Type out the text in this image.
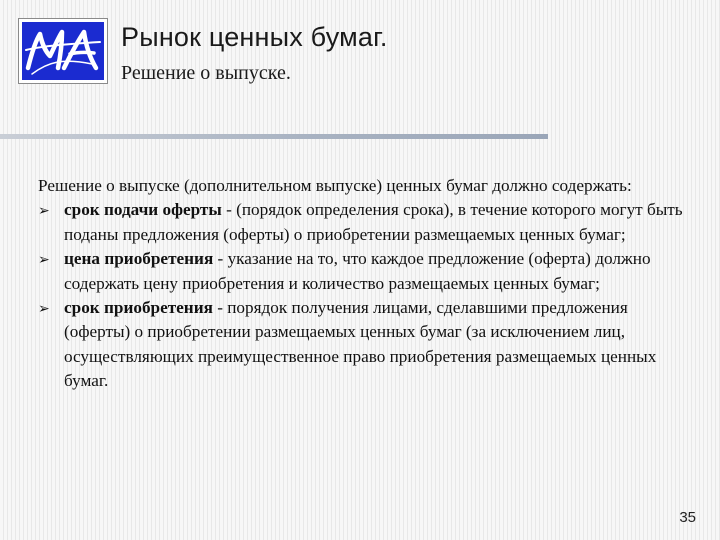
Рынок ценных бумаг.
Решение о выпуске.

Решение о выпуске (дополнительном выпуске) ценных бумаг должно содержать:

➢ срок подачи оферты - (порядок определения срока), в течение которого могут быть поданы предложения (оферты) о приобретении размещаемых ценных бумаг;

➢ цена приобретения - указание на то, что каждое предложение (оферта) должно содержать цену приобретения и количество размещаемых ценных бумаг;

➢ срок приобретения - порядок получения лицами, сделавшими предложения (оферты) о приобретении размещаемых ценных бумаг (за исключением лиц, осуществляющих преимущественное право приобретения размещаемых ценных бумаг.

35
